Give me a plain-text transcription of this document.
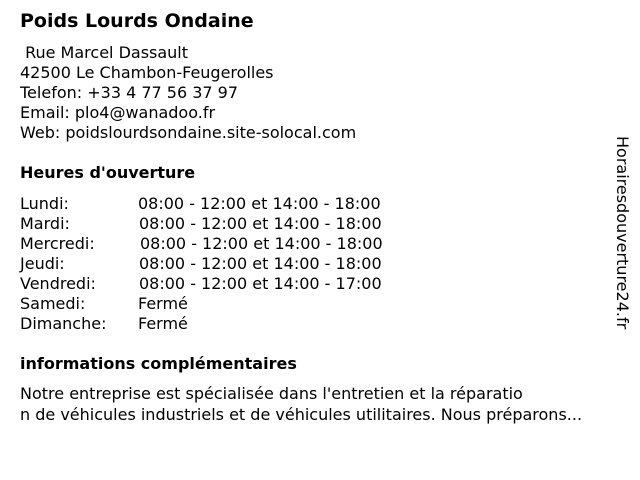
Poids Lourds Ondaine
Rue Marcel Dassault
42500 Le Chambon-Feugerolles
Telefon: +33 4 77 56 37 97
Email: plo4@wanadoo.fr
Web: poidslourdsondaine.site-solocal.com
Heures d'ouverture
Lundi:	08:00 - 12:00 et 14:00 - 18:00
Mardi:	08:00 - 12:00 et 14:00 - 18:00
Mercredi:	08:00 - 12:00 et 14:00 - 18:00
Jeudi:	08:00 - 12:00 et 14:00 - 18:00
Vendredi:	08:00 - 12:00 et 14:00 - 17:00
Samedi:	Fermé
Dimanche: Fermé
informations complémentaires
Notre entreprise est spécialisée dans l'entretien et la réparatio
n de véhicules industriels et de véhicules utilitaires. Nous préparons...
Horairesdouverture24.fr
